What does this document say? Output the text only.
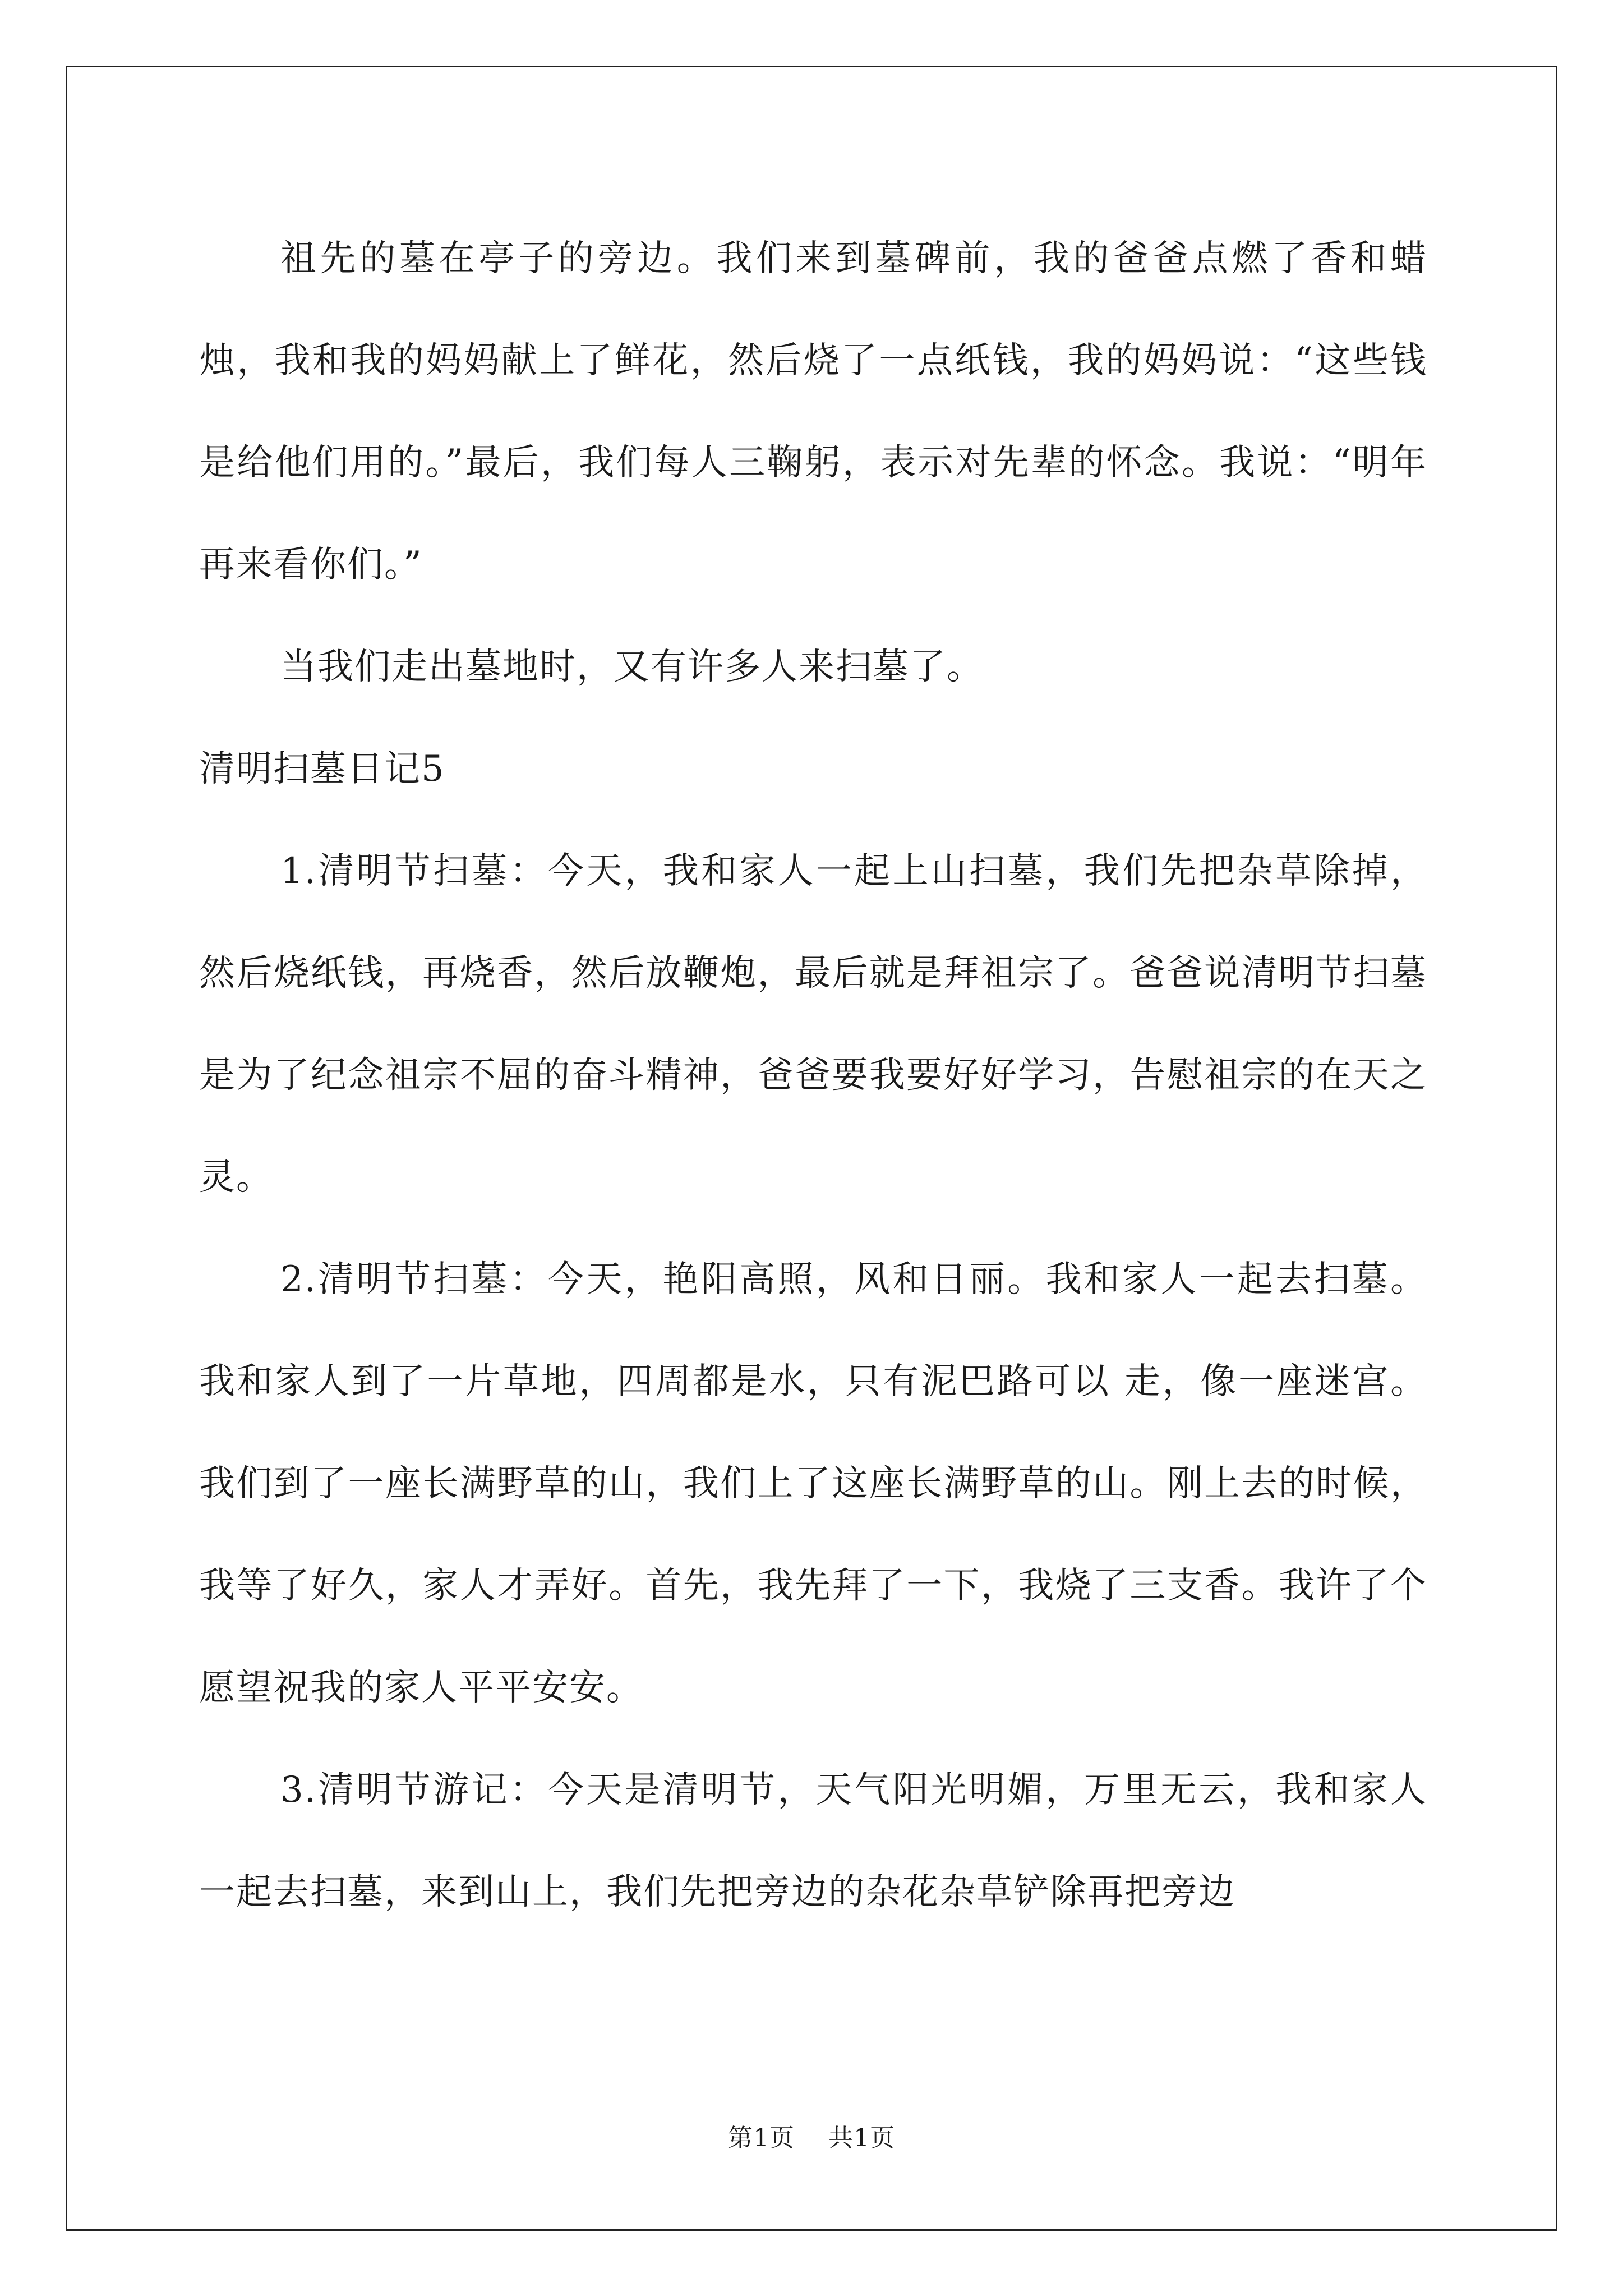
祖先的墓在亭子的旁边。我们来到墓碑前，我的爸爸点燃了香和蜡烛，我和我的妈妈献上了鲜花，然后烧了一点纸钱，我的妈妈说：“这些钱是给他们用的。”最后，我们每人三鞠躬，表示对先辈的怀念。我说：“明年再来看你们。”

当我们走出墓地时，又有许多人来扫墓了。

清明扫墓日记5

1.清明节扫墓：今天，我和家人一起上山扫墓，我们先把杂草除掉，然后烧纸钱，再烧香，然后放鞭炮，最后就是拜祖宗了。爸爸说清明节扫墓是为了纪念祖宗不屈的奋斗精神，爸爸要我要好好学习，告慰祖宗的在天之灵。

2.清明节扫墓：今天，艳阳高照，风和日丽。我和家人一起去扫墓。我和家人到了一片草地，四周都是水，只有泥巴路可以 走，像一座迷宫。我们到了一座长满野草的山，我们上了这座长满野草的山。刚上去的时候，我等了好久，家人才弄好。首先，我先拜了一下，我烧了三支香。我许了个愿望祝我的家人平平安安。

3.清明节游记：今天是清明节，天气阳光明媚，万里无云，我和家人一起去扫墓，来到山上，我们先把旁边的杂花杂草铲除再把旁边

第1页 共1页
